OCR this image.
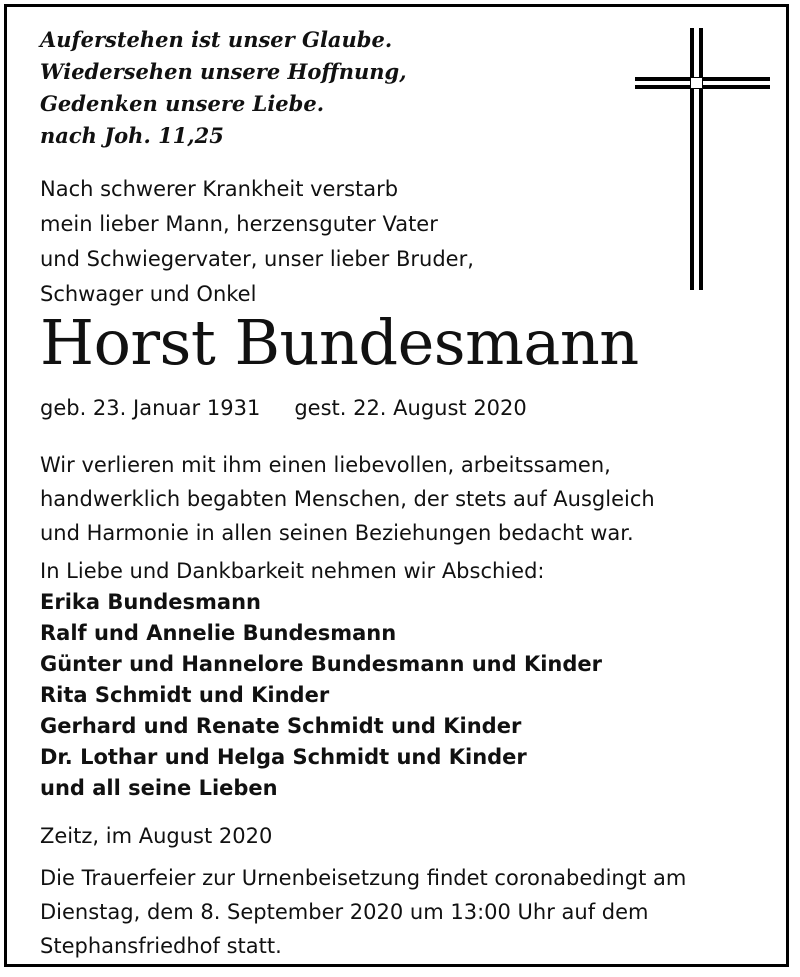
Auferstehen ist unser Glaube.

Wiedersehen unsere Hoffnung,

Gedenken unsere Liebe.

nach Joh. 11,25

Nach schwerer Krankheit verstarb

mein lieber Mann, herzensguter Vater

und Schwiegervater, unser lieber Bruder,

Schwager und Onkel

Horst Bundesmann
geb. 23. Januar 1931 gest. 22. August 2020

Wir verlieren mit ihm einen liebevollen, arbeitssamen,

handwerklich begabten Menschen, der stets auf Ausgleich

und Harmonie in allen seinen Beziehungen bedacht war.

In Liebe und Dankbarkeit nehmen wir Abschied:

Erika Bundesmann

Ralf und Annelie Bundesmann

Günter und Hannelore Bundesmann und Kinder

Rita Schmidt und Kinder

Gerhard und Renate Schmidt und Kinder

Dr. Lothar und Helga Schmidt und Kinder

und all seine Lieben

Zeitz, im August 2020

Die Trauerfeier zur Urnenbeisetzung findet coronabedingt am

Dienstag, dem 8. September 2020 um 13:00 Uhr auf dem

Stephansfriedhof statt.
